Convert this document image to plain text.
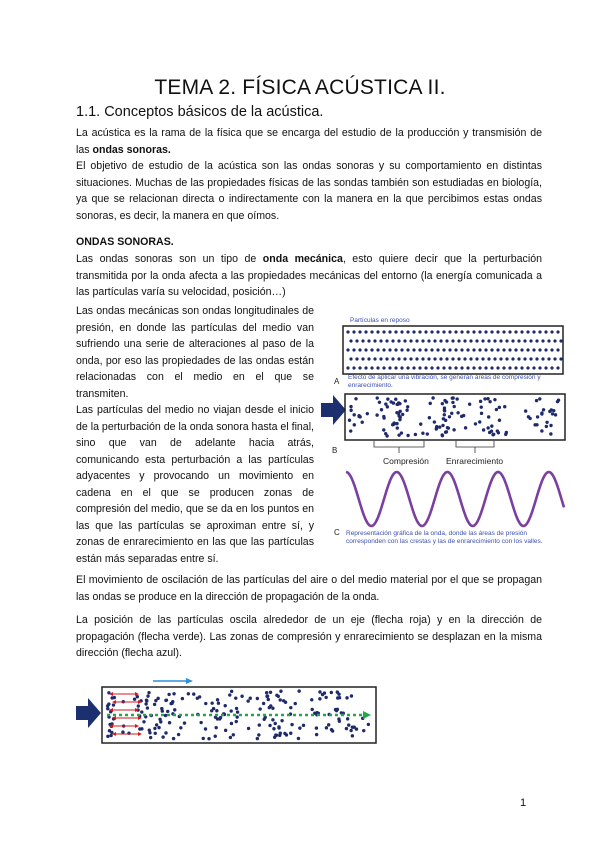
TEMA 2. FÍSICA ACÚSTICA II.
1.1. Conceptos básicos de la acústica.
La acústica es la rama de la física que se encarga del estudio de la producción y transmisión de las ondas sonoras.
El objetivo de estudio de la acústica son las ondas sonoras y su comportamiento en distintas situaciones. Muchas de las propiedades físicas de las sondas también son estudiadas en biología, ya que se relacionan directa o indirectamente con la manera en la que percibimos estas ondas sonoras, es decir, la manera en que oímos.
ONDAS SONORAS.
Las ondas sonoras son un tipo de onda mecánica, esto quiere decir que la perturbación transmitida por la onda afecta a las propiedades mecánicas del entorno (la energía comunicada a las partículas varía su velocidad, posición…)
Las ondas mecánicas son ondas longitudinales de presión, en donde las partículas del medio van sufriendo una serie de alteraciones al paso de la onda, por eso las propiedades de las ondas están relacionadas con el medio en el que se transmiten.
Las partículas del medio no viajan desde el inicio de la perturbación de la onda sonora hasta el final, sino que van de adelante hacia atrás, comunicando esta perturbación a las partículas adyacentes y provocando un movimiento en cadena en el que se producen zonas de compresión del medio, que se da en los puntos en las que las partículas se aproximan entre sí, y zonas de enrarecimiento en las que las partículas están más separadas entre sí.
El movimiento de oscilación de las partículas del aire o del medio material por el que se propagan las ondas se produce en la dirección de propagación de la onda.
La posición de las partículas oscila alrededor de un eje (flecha roja) y en la dirección de propagación (flecha verde). Las zonas de compresión y enrarecimiento se desplazan en la misma dirección (flecha azul).
Partículas en reposo
A Efecto de aplicar una vibración, se generan áreas de compresión y enrarecimiento.
B
Compresión Enrarecimiento
C Representación gráfica de la onda, donde las áreas de presión corresponden con las crestas y las de enrarecimiento con los valles.
1
